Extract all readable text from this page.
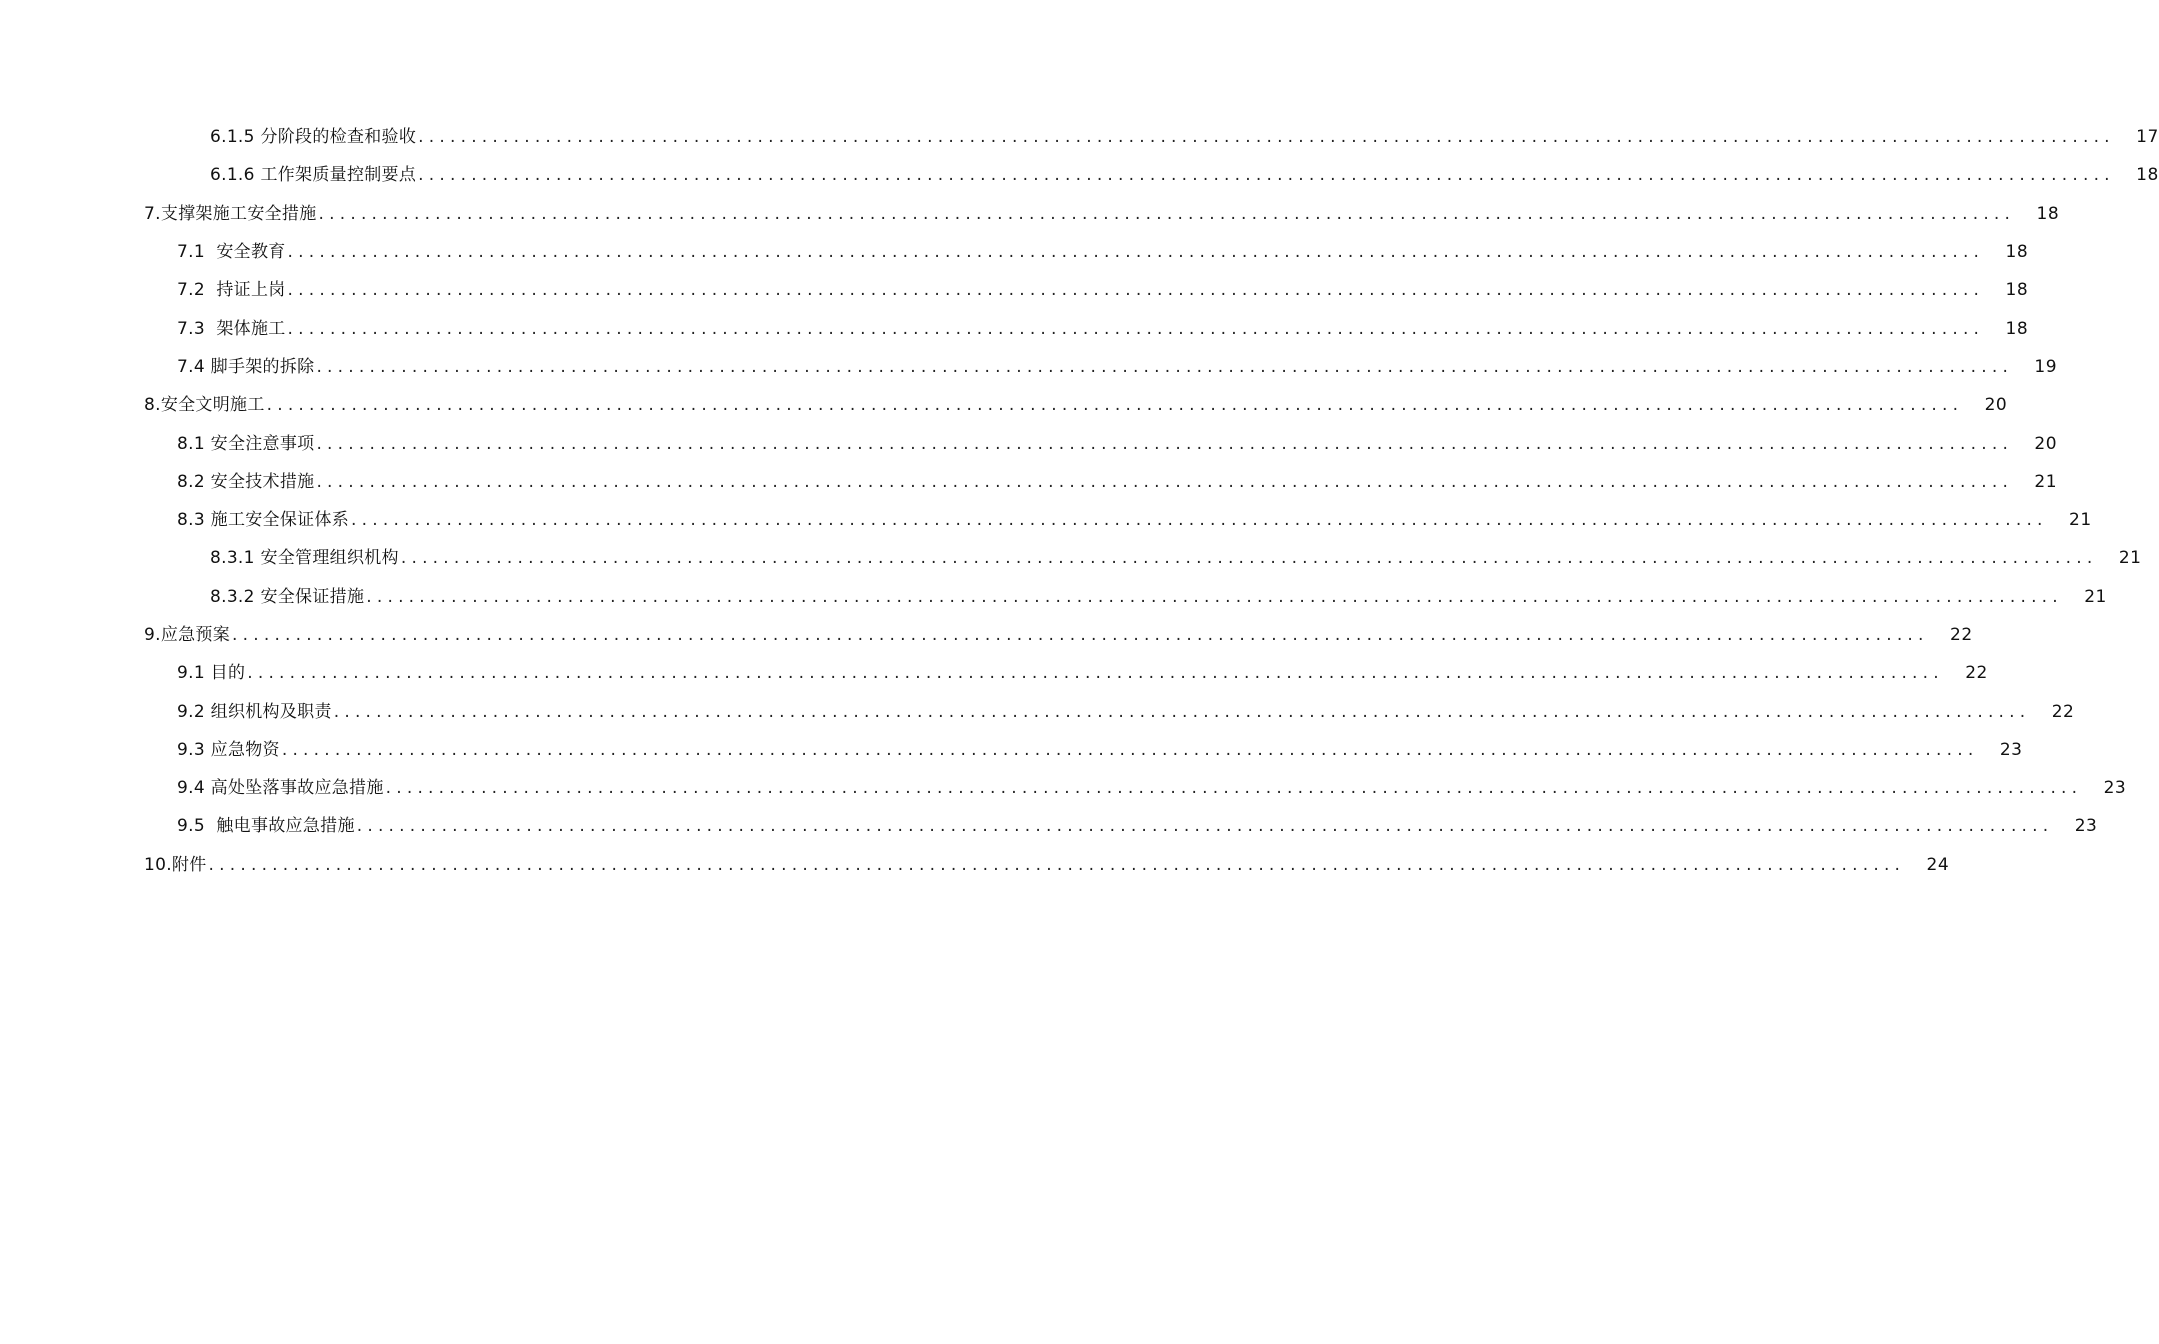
6.1.5 分阶段的检查和验收 ................................................................................................................................................................	17
6.1.6 工作架质量控制要点 ................................................................................................................................................................	18
7.支撑架施工安全措施 ................................................................................................................................................................	18
7.1  安全教育 ................................................................................................................................................................	18
7.2  持证上岗 ................................................................................................................................................................	18
7.3  架体施工 ................................................................................................................................................................	18
7.4 脚手架的拆除 ................................................................................................................................................................	19
8.安全文明施工 ................................................................................................................................................................	20
8.1 安全注意事项 ................................................................................................................................................................	20
8.2 安全技术措施 ................................................................................................................................................................	21
8.3 施工安全保证体系 ................................................................................................................................................................	21
8.3.1 安全管理组织机构 ................................................................................................................................................................	21
8.3.2 安全保证措施 ................................................................................................................................................................	21
9.应急预案 ................................................................................................................................................................	22
9.1 目的 ................................................................................................................................................................	22
9.2 组织机构及职责 ................................................................................................................................................................	22
9.3 应急物资 ................................................................................................................................................................	23
9.4 高处坠落事故应急措施 ................................................................................................................................................................	23
9.5  触电事故应急措施 ................................................................................................................................................................	23
10.附件 ................................................................................................................................................................	24
